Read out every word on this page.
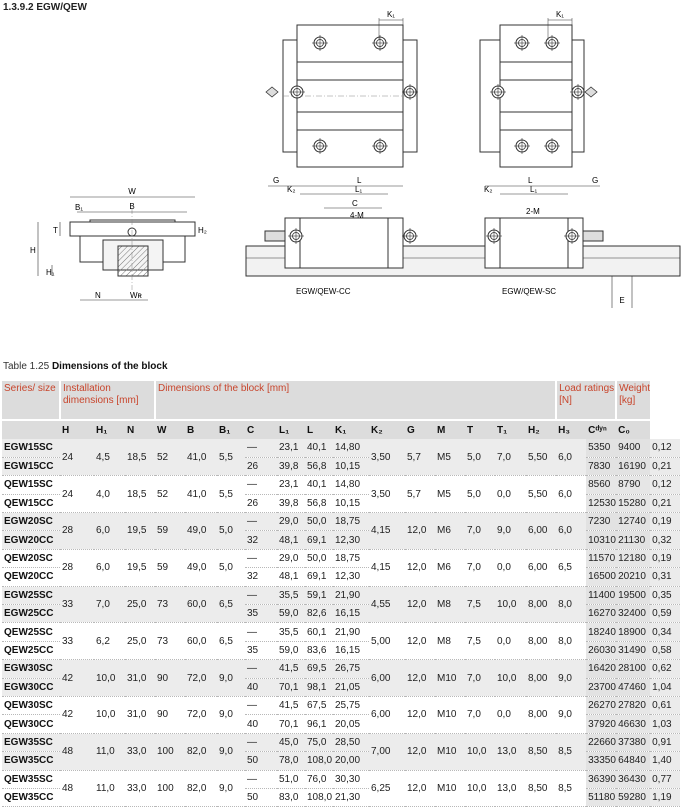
1.3.9.2 EGW/QEW
K₁	K₁
W
B
B₁
H
H₁
T	H₂
N	Wʀ
L
L₁
K₂
G
C
4-M
L
L₁
K₂
G
2-M
EGW/QEW-CC	EGW/QEW-SC
E
Table 1.25 Dimensions of the block
Series/ size	Installation dimensions [mm]			Dimensions of the block [mm]													Load ratings [N]		Weight [kg]	
	H	H₁	N	W	B	B₁	C	L₁	L	K₁	K₂	G	M	T	T₁	H₂	H₃	Cᵈʸⁿ	C₀	
EGW15SC	24	4,5	18,5	52	41,0	5,5	—	23,1	40,1	14,80	3,50	5,7	M5	5,0	7,0	5,50	6,0	5350	9400	0,12
EGW15CC							26	39,8	56,8	10,15								7830	16190	0,21
QEW15SC	24	4,0	18,5	52	41,0	5,5	—	23,1	40,1	14,80	3,50	5,7	M5	5,0	0,0	5,50	6,0	8560	8790	0,12
QEW15CC							26	39,8	56,8	10,15								12530	15280	0,21
EGW20SC	28	6,0	19,5	59	49,0	5,0	—	29,0	50,0	18,75	4,15	12,0	M6	7,0	9,0	6,00	6,0	7230	12740	0,19
EGW20CC							32	48,1	69,1	12,30								10310	21130	0,32
QEW20SC	28	6,0	19,5	59	49,0	5,0	—	29,0	50,0	18,75	4,15	12,0	M6	7,0	0,0	6,00	6,5	11570	12180	0,19
QEW20CC							32	48,1	69,1	12,30								16500	20210	0,31
EGW25SC	33	7,0	25,0	73	60,0	6,5	—	35,5	59,1	21,90	4,55	12,0	M8	7,5	10,0	8,00	8,0	11400	19500	0,35
EGW25CC							35	59,0	82,6	16,15								16270	32400	0,59
QEW25SC	33	6,2	25,0	73	60,0	6,5	—	35,5	60,1	21,90	5,00	12,0	M8	7,5	0,0	8,00	8,0	18240	18900	0,34
QEW25CC							35	59,0	83,6	16,15								26030	31490	0,58
EGW30SC	42	10,0	31,0	90	72,0	9,0	—	41,5	69,5	26,75	6,00	12,0	M10	7,0	10,0	8,00	9,0	16420	28100	0,62
EGW30CC							40	70,1	98,1	21,05								23700	47460	1,04
QEW30SC	42	10,0	31,0	90	72,0	9,0	—	41,5	67,5	25,75	6,00	12,0	M10	7,0	0,0	8,00	9,0	26270	27820	0,61
QEW30CC							40	70,1	96,1	20,05								37920	46630	1,03
EGW35SC	48	11,0	33,0	100	82,0	9,0	—	45,0	75,0	28,50	7,00	12,0	M10	10,0	13,0	8,50	8,5	22660	37380	0,91
EGW35CC							50	78,0	108,0	20,00								33350	64840	1,40
QEW35SC	48	11,0	33,0	100	82,0	9,0	—	51,0	76,0	30,30	6,25	12,0	M10	10,0	13,0	8,50	8,5	36390	36430	0,77
QEW35CC							50	83,0	108,0	21,30								51180	59280	1,19
